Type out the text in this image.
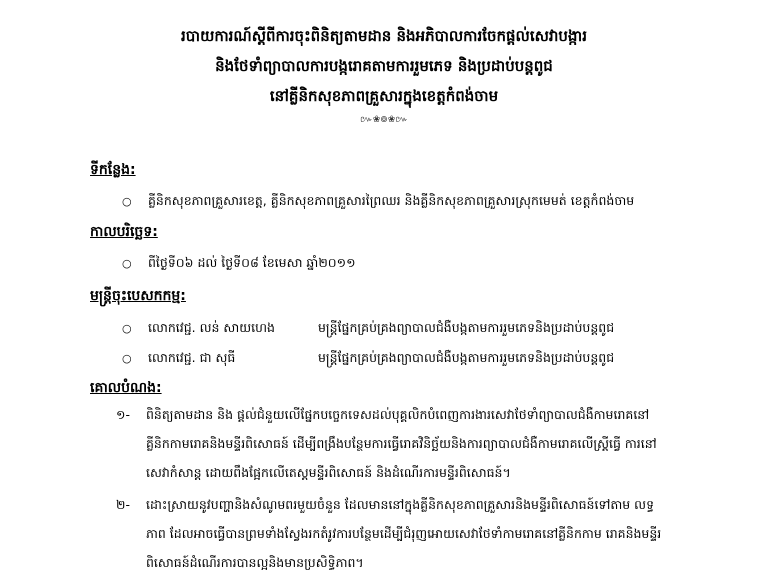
របាយការណ៍ស្តីពីការចុះពិនិត្យតាមដាន និងអភិបាលការចែកផ្តល់សេវាបង្ការ
និងថែទាំព្យាបាលការបង្ករោគតាមការរួមភេទ និងប្រដាប់បន្តពូជ
នៅគ្លីនិកសុខភាពគ្រួសារក្នុងខេត្តកំពង់ចាម
៚❀៙❀៚
ទីកន្លែង:
○ គ្លីនិកសុខភាពគ្រួសារខេត្ត, គ្លីនិកសុខភាពគ្រួសារព្រៃឈរ និងគ្លីនិកសុខភាពគ្រួសារស្រុកមេមត់ ខេត្តកំពង់ចាម
កាលបរិច្ឆេទ:
○ ពីថ្ងៃទី០៦ ដល់ ថ្ងៃទី០៨ ខែមេសា ឆ្នាំ២០១១
មន្ត្រីចុះបេសកកម្ម:
○ លោកវេជ្ជ. លន់ សាយហេង	មន្ត្រីផ្នែកគ្រប់គ្រងព្យាបាលជំងឺបង្កតាមការរួមភេទនិងប្រដាប់បន្តពូជ
○ លោកវេជ្ជ. ជា សុធី	មន្ត្រីផ្នែកគ្រប់គ្រងព្យាបាលជំងឺបង្កតាមការរួមភេទនិងប្រដាប់បន្តពូជ
គោលបំណង:
១-	ពិនិត្យតាមដាន និង ផ្តល់ជំនួយលើផ្នែកបច្ចេកទេសដល់បុគ្គលិកបំពេញការងារសេវាថែទាំព្យាបាលជំងឺកាមរោគនៅ គ្លីនិកកាមរោគនិងមន្ទីរពិសោធន៍ ដើម្បីពង្រឹងបន្ថែមការធ្វើរោគវិនិច្ឆ័យនិងការព្យាបាលជំងឺកាមរោគលើស្ត្រីធ្វើ ការនៅសេវាកំសាន្ត ដោយពឹងផ្អែកលើតេស្តមន្ទីរពិសោធន៍ និងដំណើរការមន្ទីរពិសោធន៍។
២-	ដោះស្រាយនូវបញ្ហានិងសំណូមពរមួយចំនួន ដែលមាននៅក្នុងគ្លីនិកសុខភាពគ្រួសារនិងមន្ទីរពិសោធន៍ទៅតាម លទ្ធភាព ដែលអាចធ្វើបានព្រមទាំងស្វែងរកតំរូវការបន្ថែមដើម្បីជំរុញអោយសេវាថែទាំកាមរោគនៅគ្លីនិកកាម រោគនិងមន្ទីរពិសោធន៍ដំណើរការបានល្អនិងមានប្រសិទ្ធិភាព។
